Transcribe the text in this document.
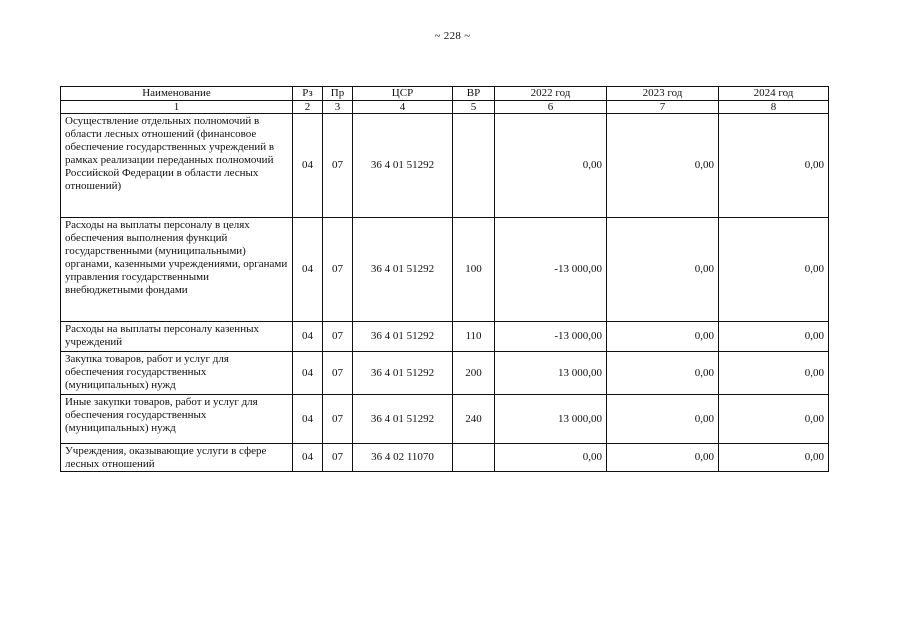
~ 228 ~
Наименование	Рз	Пр	ЦСР	ВР	2022 год	2023 год	2024 год
1	2	3	4	5	6	7	8
Осуществление отдельных полномочий в области лесных отношений (финансовое обеспечение государственных учреждений в рамках реализации переданных полномочий Российской Федерации в области лесных отношений)	04	07	36 4 01 51292		0,00	0,00	0,00
Расходы на выплаты персоналу в целях обеспечения выполнения функций государственными (муниципальными) органами, казенными учреждениями, органами управления государственными внебюджетными фондами	04	07	36 4 01 51292	100	-13 000,00	0,00	0,00
Расходы на выплаты персоналу казенных учреждений	04	07	36 4 01 51292	110	-13 000,00	0,00	0,00
Закупка товаров, работ и услуг для обеспечения государственных (муниципальных) нужд	04	07	36 4 01 51292	200	13 000,00	0,00	0,00
Иные закупки товаров, работ и услуг для обеспечения государственных (муниципальных) нужд	04	07	36 4 01 51292	240	13 000,00	0,00	0,00
Учреждения, оказывающие услуги в сфере лесных отношений	04	07	36 4 02 11070		0,00	0,00	0,00
